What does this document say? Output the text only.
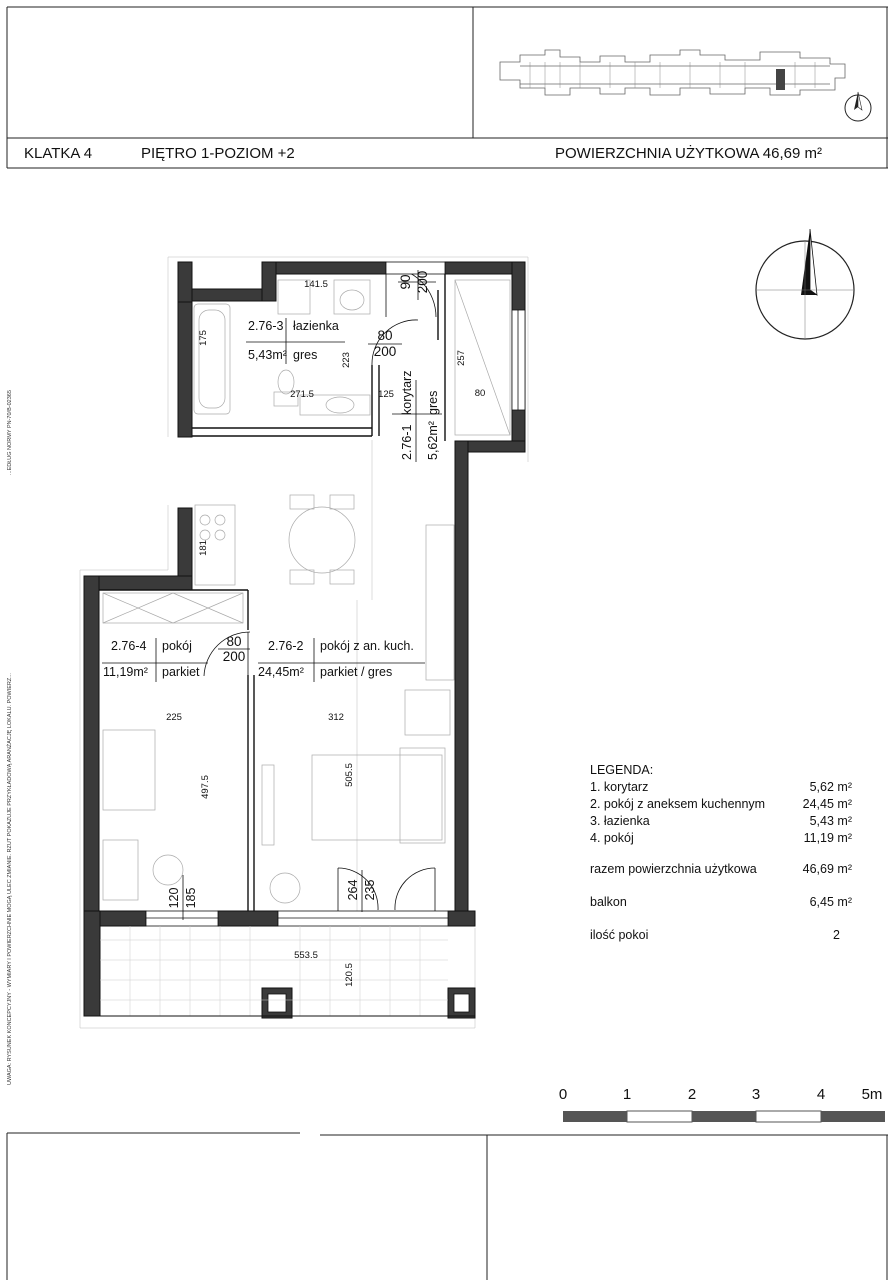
KLATKA 4	PIĘTRO 1-POZIOM +2	POWIERZCHNIA UŻYTKOWA 46,69 m²
UWAGA: RYSUNEK KONCEPCYJNY - WYMIARY I POWIERZCHNIE MOGĄ ULEC ZMIANIE. RZUT POKAZUJE PRZYKŁADOWĄ ARANŻACJĘ LOKALU. POWIERZ...
...EDŁUG NORMY PN-70/B-02365
2.76-3 łazienka
5,43m² gres
2.76-4 pokój
11,19m² parkiet
2.76-2 pokój z an. kuch.
24,45m² parkiet / gres
2.76-1
korytarz
5,62m²
gres
90 200
80
200
80
200
141.5
271.5
175
223	257
80
125
181
225	312
497.5
505.5
553.5
120.5
120 185	264 235
LEGENDA:
1. korytarz	5,62 m²
2. pokój z aneksem kuchennym	24,45 m²
3. łazienka	5,43 m²
4. pokój	11,19 m²
razem powierzchnia użytkowa	46,69 m²
balkon	6,45 m²
ilość pokoi	2
0	1	2	3	4 5m
